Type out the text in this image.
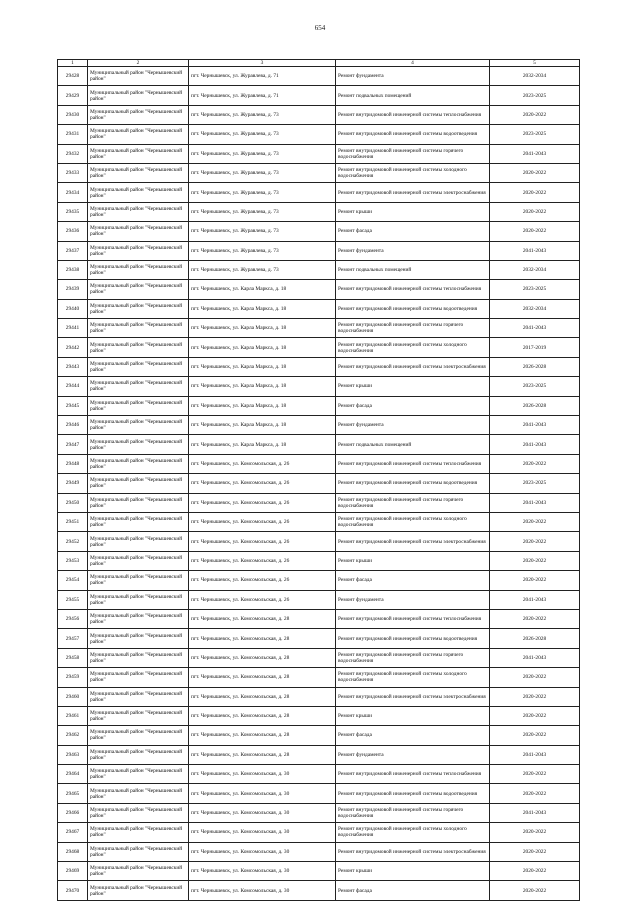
654
1	2	3	4	5
29428	Муниципальный район "Чернышевский район"	пгт. Чернышевск, ул. Журавлева, д. 71	Ремонт фундамента	2032-2034
29429	Муниципальный район "Чернышевский район"	пгт. Чернышевск, ул. Журавлева, д. 71	Ремонт подвальных помещений	2023-2025
29430	Муниципальный район "Чернышевский район"	пгт. Чернышевск, ул. Журавлева, д. 73	Ремонт внутридомовой инженерной системы теплоснабжения	2020-2022
29431	Муниципальный район "Чернышевский район"	пгт. Чернышевск, ул. Журавлева, д. 73	Ремонт внутридомовой инженерной системы водоотведения	2023-2025
29432	Муниципальный район "Чернышевский район"	пгт. Чернышевск, ул. Журавлева, д. 73	Ремонт внутридомовой инженерной системы горячего водоснабжения	2041-2043
29433	Муниципальный район "Чернышевский район"	пгт. Чернышевск, ул. Журавлева, д. 73	Ремонт внутридомовой инженерной системы холодного водоснабжения	2020-2022
29434	Муниципальный район "Чернышевский район"	пгт. Чернышевск, ул. Журавлева, д. 73	Ремонт внутридомовой инженерной системы электроснабжения	2020-2022
29435	Муниципальный район "Чернышевский район"	пгт. Чернышевск, ул. Журавлева, д. 73	Ремонт крыши	2020-2022
29436	Муниципальный район "Чернышевский район"	пгт. Чернышевск, ул. Журавлева, д. 73	Ремонт фасада	2020-2022
29437	Муниципальный район "Чернышевский район"	пгт. Чернышевск, ул. Журавлева, д. 73	Ремонт фундамента	2041-2043
29438	Муниципальный район "Чернышевский район"	пгт. Чернышевск, ул. Журавлева, д. 73	Ремонт подвальных помещений	2032-2034
29439	Муниципальный район "Чернышевский район"	пгт. Чернышевск, ул. Карла Маркса, д. 18	Ремонт внутридомовой инженерной системы теплоснабжения	2023-2025
29440	Муниципальный район "Чернышевский район"	пгт. Чернышевск, ул. Карла Маркса, д. 18	Ремонт внутридомовой инженерной системы водоотведения	2032-2034
29441	Муниципальный район "Чернышевский район"	пгт. Чернышевск, ул. Карла Маркса, д. 18	Ремонт внутридомовой инженерной системы горячего водоснабжения	2041-2043
29442	Муниципальный район "Чернышевский район"	пгт. Чернышевск, ул. Карла Маркса, д. 18	Ремонт внутридомовой инженерной системы холодного водоснабжения	2017-2019
29443	Муниципальный район "Чернышевский район"	пгт. Чернышевск, ул. Карла Маркса, д. 18	Ремонт внутридомовой инженерной системы электроснабжения	2026-2028
29444	Муниципальный район "Чернышевский район"	пгт. Чернышевск, ул. Карла Маркса, д. 18	Ремонт крыши	2023-2025
29445	Муниципальный район "Чернышевский район"	пгт. Чернышевск, ул. Карла Маркса, д. 18	Ремонт фасада	2026-2028
29446	Муниципальный район "Чернышевский район"	пгт. Чернышевск, ул. Карла Маркса, д. 18	Ремонт фундамента	2041-2043
29447	Муниципальный район "Чернышевский район"	пгт. Чернышевск, ул. Карла Маркса, д. 18	Ремонт подвальных помещений	2041-2043
29448	Муниципальный район "Чернышевский район"	пгт. Чернышевск, ул. Комсомольская, д. 26	Ремонт внутридомовой инженерной системы теплоснабжения	2020-2022
29449	Муниципальный район "Чернышевский район"	пгт. Чернышевск, ул. Комсомольская, д. 26	Ремонт внутридомовой инженерной системы водоотведения	2023-2025
29450	Муниципальный район "Чернышевский район"	пгт. Чернышевск, ул. Комсомольская, д. 26	Ремонт внутридомовой инженерной системы горячего водоснабжения	2041-2043
29451	Муниципальный район "Чернышевский район"	пгт. Чернышевск, ул. Комсомольская, д. 26	Ремонт внутридомовой инженерной системы холодного водоснабжения	2020-2022
29452	Муниципальный район "Чернышевский район"	пгт. Чернышевск, ул. Комсомольская, д. 26	Ремонт внутридомовой инженерной системы электроснабжения	2020-2022
29453	Муниципальный район "Чернышевский район"	пгт. Чернышевск, ул. Комсомольская, д. 26	Ремонт крыши	2020-2022
29454	Муниципальный район "Чернышевский район"	пгт. Чернышевск, ул. Комсомольская, д. 26	Ремонт фасада	2020-2022
29455	Муниципальный район "Чернышевский район"	пгт. Чернышевск, ул. Комсомольская, д. 26	Ремонт фундамента	2041-2043
29456	Муниципальный район "Чернышевский район"	пгт. Чернышевск, ул. Комсомольская, д. 28	Ремонт внутридомовой инженерной системы теплоснабжения	2020-2022
29457	Муниципальный район "Чернышевский район"	пгт. Чернышевск, ул. Комсомольская, д. 28	Ремонт внутридомовой инженерной системы водоотведения	2026-2028
29458	Муниципальный район "Чернышевский район"	пгт. Чернышевск, ул. Комсомольская, д. 28	Ремонт внутридомовой инженерной системы горячего водоснабжения	2041-2043
29459	Муниципальный район "Чернышевский район"	пгт. Чернышевск, ул. Комсомольская, д. 28	Ремонт внутридомовой инженерной системы холодного водоснабжения	2020-2022
29460	Муниципальный район "Чернышевский район"	пгт. Чернышевск, ул. Комсомольская, д. 28	Ремонт внутридомовой инженерной системы электроснабжения	2020-2022
29461	Муниципальный район "Чернышевский район"	пгт. Чернышевск, ул. Комсомольская, д. 28	Ремонт крыши	2020-2022
29462	Муниципальный район "Чернышевский район"	пгт. Чернышевск, ул. Комсомольская, д. 28	Ремонт фасада	2020-2022
29463	Муниципальный район "Чернышевский район"	пгт. Чернышевск, ул. Комсомольская, д. 28	Ремонт фундамента	2041-2043
29464	Муниципальный район "Чернышевский район"	пгт. Чернышевск, ул. Комсомольская, д. 30	Ремонт внутридомовой инженерной системы теплоснабжения	2020-2022
29465	Муниципальный район "Чернышевский район"	пгт. Чернышевск, ул. Комсомольская, д. 30	Ремонт внутридомовой инженерной системы водоотведения	2020-2022
29466	Муниципальный район "Чернышевский район"	пгт. Чернышевск, ул. Комсомольская, д. 30	Ремонт внутридомовой инженерной системы горячего водоснабжения	2041-2043
29467	Муниципальный район "Чернышевский район"	пгт. Чернышевск, ул. Комсомольская, д. 30	Ремонт внутридомовой инженерной системы холодного водоснабжения	2020-2022
29468	Муниципальный район "Чернышевский район"	пгт. Чернышевск, ул. Комсомольская, д. 30	Ремонт внутридомовой инженерной системы электроснабжения	2020-2022
29469	Муниципальный район "Чернышевский район"	пгт. Чернышевск, ул. Комсомольская, д. 30	Ремонт крыши	2020-2022
29470	Муниципальный район "Чернышевский район"	пгт. Чернышевск, ул. Комсомольская, д. 30	Ремонт фасада	2020-2022
